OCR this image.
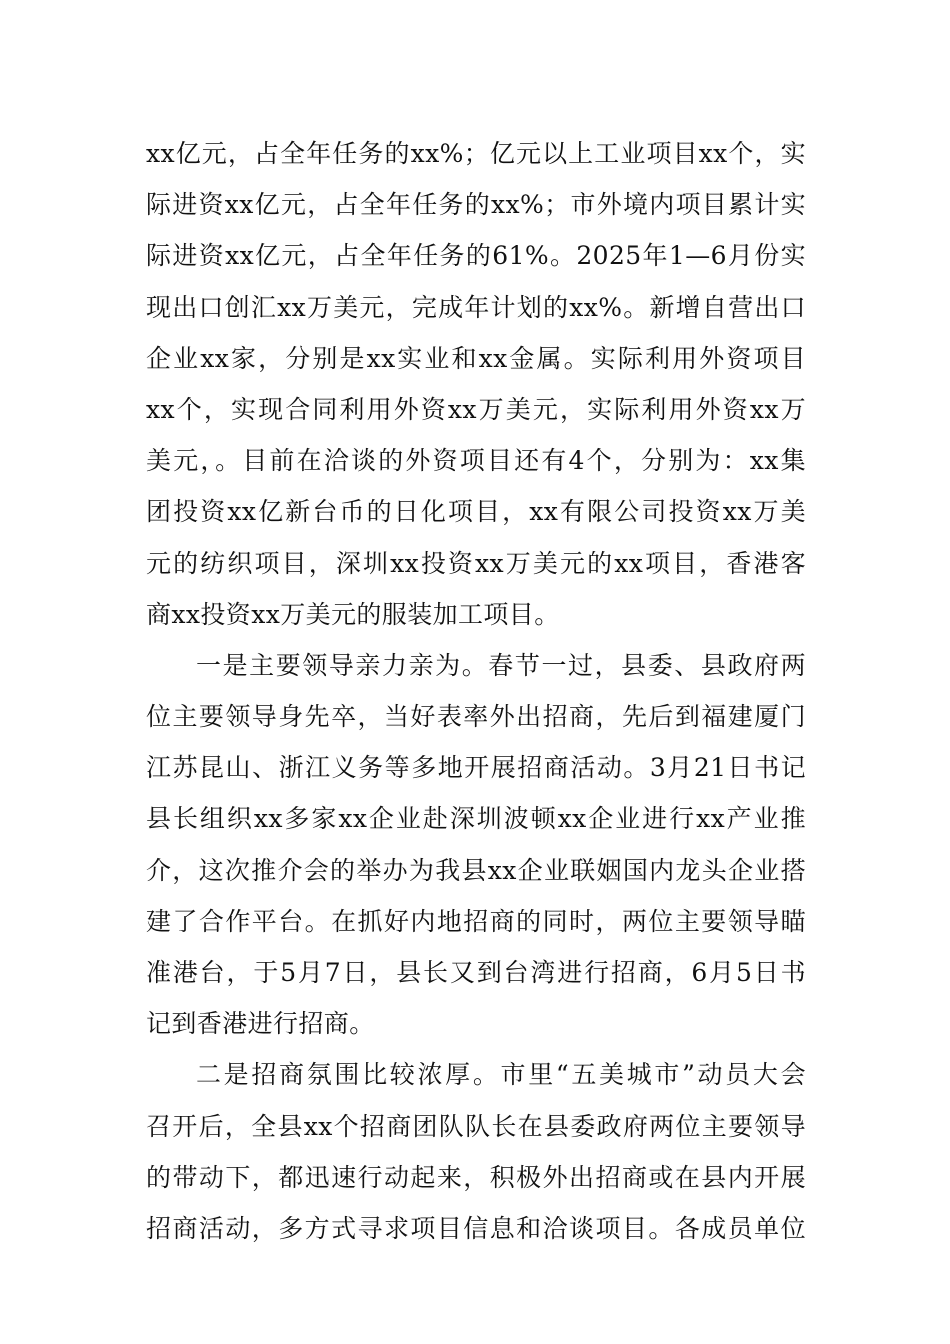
xx亿元，占全年任务的xx%；亿元以上工业项目xx个，实
际进资xx亿元，占全年任务的xx%；市外境内项目累计实
际进资xx亿元，占全年任务的61%。2025年1—6月份实
现出口创汇xx万美元，完成年计划的xx%。新增自营出口
企业xx家，分别是xx实业和xx金属。实际利用外资项目
xx个，实现合同利用外资xx万美元，实际利用外资xx万
美元，。目前在洽谈的外资项目还有4个，分别为：xx集
团投资xx亿新台币的日化项目，xx有限公司投资xx万美
元的纺织项目，深圳xx投资xx万美元的xx项目，香港客
商xx投资xx万美元的服装加工项目。
一是主要领导亲力亲为。春节一过，县委、县政府两
位主要领导身先卒，当好表率外出招商，先后到福建厦门
江苏昆山、浙江义务等多地开展招商活动。3月21日书记
县长组织xx多家xx企业赴深圳波顿xx企业进行xx产业推
介，这次推介会的举办为我县xx企业联姻国内龙头企业搭
建了合作平台。在抓好内地招商的同时，两位主要领导瞄
准港台，于5月7日，县长又到台湾进行招商，6月5日书
记到香港进行招商。
二是招商氛围比较浓厚。市里“五美城市”动员大会
召开后，全县xx个招商团队队长在县委政府两位主要领导
的带动下，都迅速行动起来，积极外出招商或在县内开展
招商活动，多方式寻求项目信息和洽谈项目。各成员单位
